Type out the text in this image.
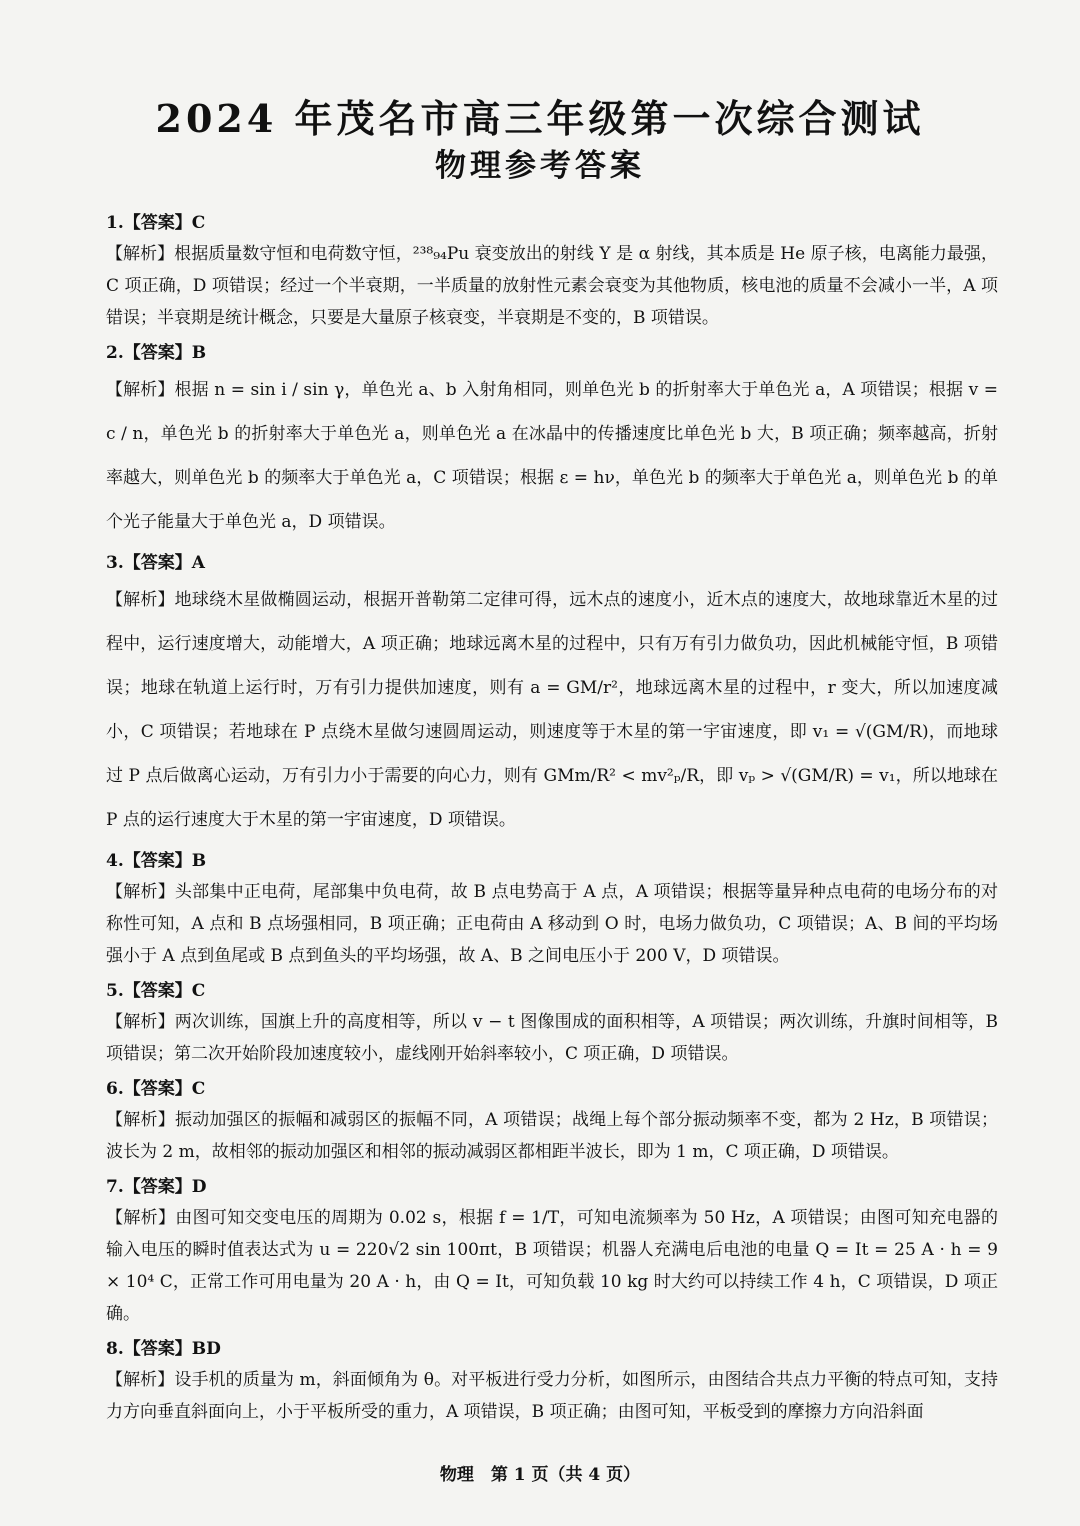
2024 年茂名市高三年级第一次综合测试
物理参考答案
1.【答案】C
【解析】根据质量数守恒和电荷数守恒，²³⁸₉₄Pu 衰变放出的射线 Y 是 α 射线，其本质是 He 原子核，电离能力最强，C 项正确，D 项错误；经过一个半衰期，一半质量的放射性元素会衰变为其他物质，核电池的质量不会减小一半，A 项错误；半衰期是统计概念，只要是大量原子核衰变，半衰期是不变的，B 项错误。
2.【答案】B
【解析】根据 n = sin i / sin γ，单色光 a、b 入射角相同，则单色光 b 的折射率大于单色光 a，A 项错误；根据 v = c / n，单色光 b 的折射率大于单色光 a，则单色光 a 在冰晶中的传播速度比单色光 b 大，B 项正确；频率越高，折射率越大，则单色光 b 的频率大于单色光 a，C 项错误；根据 ε = hν，单色光 b 的频率大于单色光 a，则单色光 b 的单个光子能量大于单色光 a，D 项错误。
3.【答案】A
【解析】地球绕木星做椭圆运动，根据开普勒第二定律可得，远木点的速度小，近木点的速度大，故地球靠近木星的过程中，运行速度增大，动能增大，A 项正确；地球远离木星的过程中，只有万有引力做负功，因此机械能守恒，B 项错误；地球在轨道上运行时，万有引力提供加速度，则有 a = GM/r²，地球远离木星的过程中，r 变大，所以加速度减小，C 项错误；若地球在 P 点绕木星做匀速圆周运动，则速度等于木星的第一宇宙速度，即 v₁ = √(GM/R)，而地球过 P 点后做离心运动，万有引力小于需要的向心力，则有 GMm/R² < mv²ₚ/R，即 vₚ > √(GM/R) = v₁，所以地球在 P 点的运行速度大于木星的第一宇宙速度，D 项错误。
4.【答案】B
【解析】头部集中正电荷，尾部集中负电荷，故 B 点电势高于 A 点，A 项错误；根据等量异种点电荷的电场分布的对称性可知，A 点和 B 点场强相同，B 项正确；正电荷由 A 移动到 O 时，电场力做负功，C 项错误；A、B 间的平均场强小于 A 点到鱼尾或 B 点到鱼头的平均场强，故 A、B 之间电压小于 200 V，D 项错误。
5.【答案】C
【解析】两次训练，国旗上升的高度相等，所以 v − t 图像围成的面积相等，A 项错误；两次训练，升旗时间相等，B 项错误；第二次开始阶段加速度较小，虚线刚开始斜率较小，C 项正确，D 项错误。
6.【答案】C
【解析】振动加强区的振幅和减弱区的振幅不同，A 项错误；战绳上每个部分振动频率不变，都为 2 Hz，B 项错误；波长为 2 m，故相邻的振动加强区和相邻的振动减弱区都相距半波长，即为 1 m，C 项正确，D 项错误。
7.【答案】D
【解析】由图可知交变电压的周期为 0.02 s，根据 f = 1/T，可知电流频率为 50 Hz，A 项错误；由图可知充电器的输入电压的瞬时值表达式为 u = 220√2 sin 100πt，B 项错误；机器人充满电后电池的电量 Q = It = 25 A · h = 9 × 10⁴ C，正常工作可用电量为 20 A · h，由 Q = It，可知负载 10 kg 时大约可以持续工作 4 h，C 项错误，D 项正确。
8.【答案】BD
【解析】设手机的质量为 m，斜面倾角为 θ。对平板进行受力分析，如图所示，由图结合共点力平衡的特点可知，支持力方向垂直斜面向上，小于平板所受的重力，A 项错误，B 项正确；由图可知，平板受到的摩擦力方向沿斜面
物理　第 1 页（共 4 页）
